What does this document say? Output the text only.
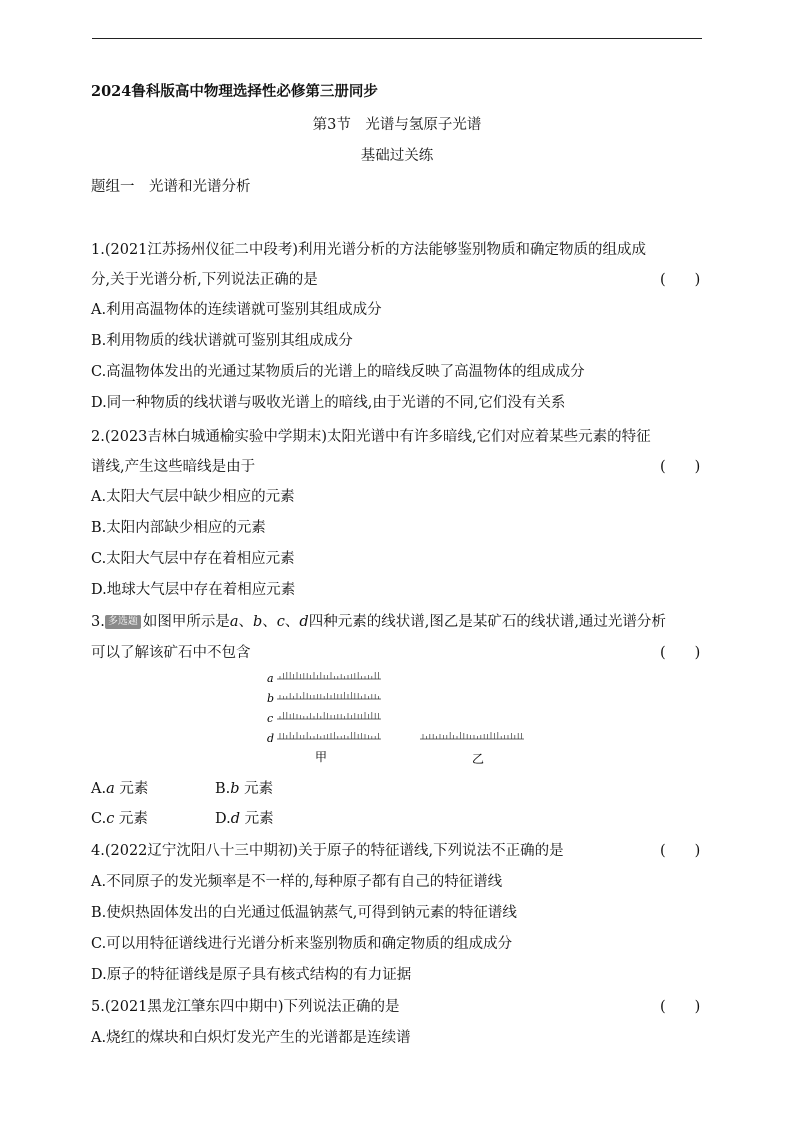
2024鲁科版高中物理选择性必修第三册同步
第3节　光谱与氢原子光谱
基础过关练
题组一　光谱和光谱分析
1.(2021江苏扬州仪征二中段考)利用光谱分析的方法能够鉴别物质和确定物质的组成成
分,关于光谱分析,下列说法正确的是	(　　)
A.利用高温物体的连续谱就可鉴别其组成成分
B.利用物质的线状谱就可鉴别其组成成分
C.高温物体发出的光通过某物质后的光谱上的暗线反映了高温物体的组成成分
D.同一种物质的线状谱与吸收光谱上的暗线,由于光谱的不同,它们没有关系
2.(2023吉林白城通榆实验中学期末)太阳光谱中有许多暗线,它们对应着某些元素的特征
谱线,产生这些暗线是由于	(　　)
A.太阳大气层中缺少相应的元素
B.太阳内部缺少相应的元素
C.太阳大气层中存在着相应元素
D.地球大气层中存在着相应元素
3. 多选题 如图甲所示是a、b、c、d四种元素的线状谱,图乙是某矿石的线状谱,通过光谱分析
可以了解该矿石中不包含	(　　)
a
b
c
d
甲	乙
A.a 元素	B.b 元素
C.c 元素	D.d 元素
4.(2022辽宁沈阳八十三中期初)关于原子的特征谱线,下列说法不正确的是	(　　)
A.不同原子的发光频率是不一样的,每种原子都有自己的特征谱线
B.使炽热固体发出的白光通过低温钠蒸气,可得到钠元素的特征谱线
C.可以用特征谱线进行光谱分析来鉴别物质和确定物质的组成成分
D.原子的特征谱线是原子具有核式结构的有力证据
5.(2021黑龙江肇东四中期中)下列说法正确的是	(　　)
A.烧红的煤块和白炽灯发光产生的光谱都是连续谱
